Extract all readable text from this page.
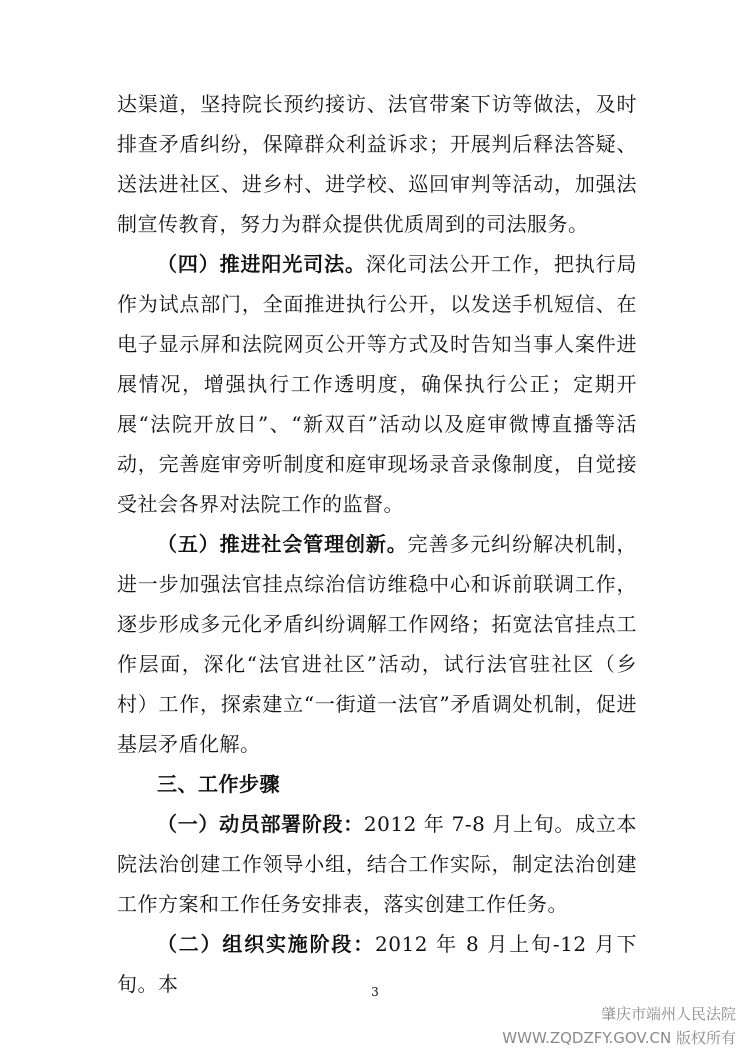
达渠道，坚持院长预约接访、法官带案下访等做法，及时排查矛盾纠纷，保障群众利益诉求；开展判后释法答疑、送法进社区、进乡村、进学校、巡回审判等活动，加强法制宣传教育，努力为群众提供优质周到的司法服务。

（四）推进阳光司法。深化司法公开工作，把执行局作为试点部门，全面推进执行公开，以发送手机短信、在电子显示屏和法院网页公开等方式及时告知当事人案件进展情况，增强执行工作透明度，确保执行公正；定期开展“法院开放日”、“新双百”活动以及庭审微博直播等活动，完善庭审旁听制度和庭审现场录音录像制度，自觉接受社会各界对法院工作的监督。

（五）推进社会管理创新。完善多元纠纷解决机制，进一步加强法官挂点综治信访维稳中心和诉前联调工作，逐步形成多元化矛盾纠纷调解工作网络；拓宽法官挂点工作层面，深化“法官进社区”活动，试行法官驻社区（乡村）工作，探索建立“一街道一法官”矛盾调处机制，促进基层矛盾化解。

三、工作步骤

（一）动员部署阶段：2012 年 7-8 月上旬。成立本院法治创建工作领导小组，结合工作实际，制定法治创建工作方案和工作任务安排表，落实创建工作任务。

（二）组织实施阶段：2012 年 8 月上旬-12 月下旬。本	3
肇庆市端州人民法院
WWW.ZQDZFY.GOV.CN 版权所有
